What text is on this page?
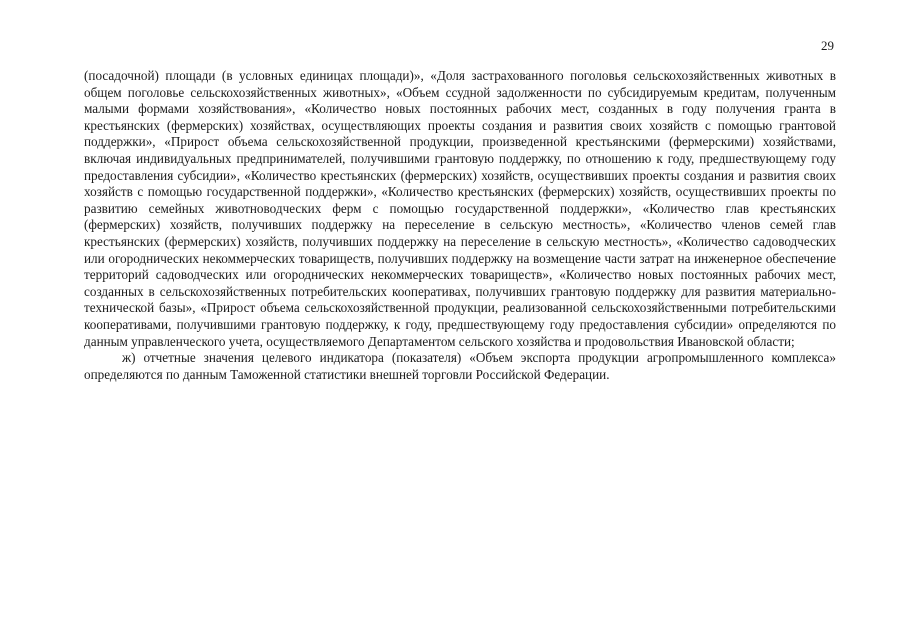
29

(посадочной) площади (в условных единицах площади)», «Доля застрахованного поголовья сельскохозяйственных животных в общем поголовье сельскохозяйственных животных», «Объем ссудной задолженности по субсидируемым кредитам, полученным малыми формами хозяйствования», «Количество новых постоянных рабочих мест, созданных в году получения гранта в крестьянских (фермерских) хозяйствах, осуществляющих проекты создания и развития своих хозяйств с помощью грантовой поддержки», «Прирост объема сельскохозяйственной продукции, произведенной крестьянскими (фермерскими) хозяйствами, включая индивидуальных предпринимателей, получившими грантовую поддержку, по отношению к году, предшествующему году предоставления субсидии», «Количество крестьянских (фермерских) хозяйств, осуществивших проекты создания и развития своих хозяйств с помощью государственной поддержки», «Количество крестьянских (фермерских) хозяйств, осуществивших проекты по развитию семейных животноводческих ферм с помощью государственной поддержки», «Количество глав крестьянских (фермерских) хозяйств, получивших поддержку на переселение в сельскую местность», «Количество членов семей глав крестьянских (фермерских) хозяйств, получивших поддержку на переселение в сельскую местность», «Количество садоводческих или огороднических некоммерческих товариществ, получивших поддержку на возмещение части затрат на инженерное обеспечение территорий садоводческих или огороднических некоммерческих товариществ», «Количество новых постоянных рабочих мест, созданных в сельскохозяйственных потребительских кооперативах, получивших грантовую поддержку для развития материально-технической базы», «Прирост объема сельскохозяйственной продукции, реализованной сельскохозяйственными потребительскими кооперативами, получившими грантовую поддержку, к году, предшествующему году предоставления субсидии» определяются по данным управленческого учета, осуществляемого Департаментом сельского хозяйства и продовольствия Ивановской области;

ж) отчетные значения целевого индикатора (показателя) «Объем экспорта продукции агропромышленного комплекса» определяются по данным Таможенной статистики внешней торговли Российской Федерации.
